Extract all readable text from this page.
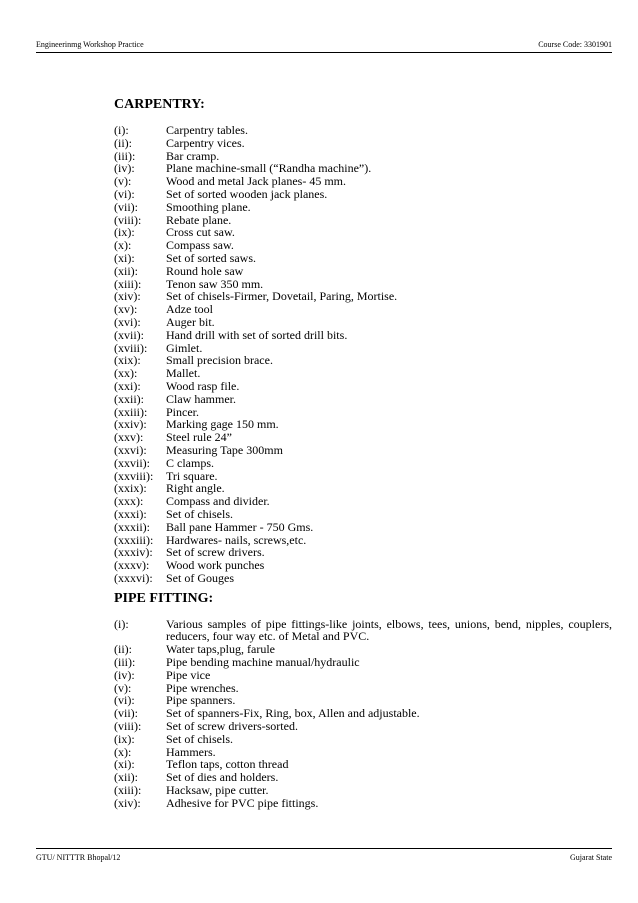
Engineerinmg Workshop Practice	Course Code: 3301901
CARPENTRY:
(i):	Carpentry tables.
(ii):	Carpentry vices.
(iii):	Bar cramp.
(iv):	Plane machine-small (“Randha machine”).
(v):	Wood and metal Jack planes- 45 mm.
(vi):	Set of sorted wooden jack planes.
(vii):	Smoothing plane.
(viii):	Rebate plane.
(ix):	Cross cut saw.
(x):	Compass saw.
(xi):	Set of sorted saws.
(xii):	Round hole saw
(xiii):	Tenon saw 350 mm.
(xiv):	Set of chisels-Firmer, Dovetail, Paring, Mortise.
(xv):	Adze tool
(xvi):	Auger bit.
(xvii):	Hand drill with set of sorted drill bits.
(xviii):	Gimlet.
(xix):	Small precision brace.
(xx):	Mallet.
(xxi):	Wood rasp file.
(xxii):	Claw hammer.
(xxiii):	Pincer.
(xxiv):	Marking gage 150 mm.
(xxv):	Steel rule 24”
(xxvi):	Measuring Tape 300mm
(xxvii):	C clamps.
(xxviii):	Tri square.
(xxix):	Right angle.
(xxx):	Compass and divider.
(xxxi):	Set of chisels.
(xxxii):	Ball pane Hammer - 750 Gms.
(xxxiii):	Hardwares- nails, screws,etc.
(xxxiv):	Set of screw drivers.
(xxxv):	Wood work punches
(xxxvi):	Set of Gouges
PIPE FITTING:
(i):	Various samples of pipe fittings-like joints, elbows, tees, unions, bend, nipples, couplers, reducers, four way etc. of Metal and PVC.
(ii):	Water taps,plug, farule
(iii):	Pipe bending machine manual/hydraulic
(iv):	Pipe vice
(v):	Pipe wrenches.
(vi):	Pipe spanners.
(vii):	Set of spanners-Fix, Ring, box, Allen and adjustable.
(viii):	Set of screw drivers-sorted.
(ix):	Set of chisels.
(x):	Hammers.
(xi):	Teflon taps, cotton thread
(xii):	Set of dies and holders.
(xiii):	Hacksaw, pipe cutter.
(xiv):	Adhesive for PVC pipe fittings.
GTU/ NITTTR Bhopal/12	Gujarat State
